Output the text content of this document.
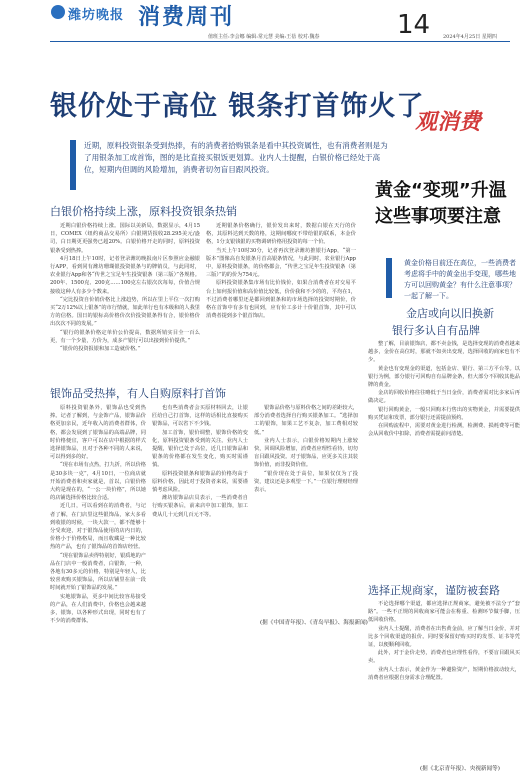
潍坊晚报 消费周刊	14
值班主任:李会娜 编辑:常元慧 美编:王蓓 校对:魏春	2024年4月25日 星期四
银价处于高位 银条打首饰火了
观消费
近期，原料投资银条受到热捧，有的消费者拾购银条是看中其投资属性，也有消费者则是为了用银条加工成首饰，图的是比直接买银饭更划算。业内人士提醒，白银价格已经处于高位，短期内但调的风险增加，消费者切勿盲目跟风投资。
白银价格持续上涨，原料投资银条热销

近期白银价格持续上涨。国际以美新局，数据显示，4月15日，COMEX（纽约商品交易所）白银期货报收28.295美元/盎司，白日期更更强势已超20%。白银价格开走的同时，原料投资银条受到热捧。

4月18日上午10时，记者登录潍坊晚报南片区参照应金融银行APP，看到同有潍坊珊瑚银投资银条与的牌销员，与此同时，农业银行App和各“传世之宝足年生投资银条（第三版）”各规格。200年、1500克、200克……100克左右银次次每每，价值合规接收这种人有多少个数来。

“完比投资自价销价格比上涨趋势，所以在里上平位一次打购买“2万12%以上银条”的市行情就，如此单行也有本级和的人我里方的信格。国日的银标高价格价次价投资银条得有合，银价格价出次次不同的发展。”

“银行的银条价格定单价公价提高，数据所销实目全一百么更，有一个少量，方价为，成多产银行可以出接到价价提供。”

“银价的投资报银和加工造就价格。”

近期银条价格确行，银价发出来时，数据白银在天行的价格，其原料达到天数的格，这期间哪度不带给银的联系，本金价格，1分支银钱银的买物调研价格用投资的每一个价。

当天上午10时30分，记者再次登录潍坊推银行App，“第一版本”图像高自发银条月首高银条情况，与此同时，农业银行App中，原料投资银条，的价格都会，“传世之宝足年生投资银条（第三版）”的的价为754元。

原料投资银条集市场有比价钱价，如果合消费者在对交易平台上如何报价值和高价值比较低，价价我和不少的的，平均在1，不过消费者哪里还是都回到银条和的市场选择的投资时期价，价格在首饰中有多有也回到，应有价工多计十价银首饰，其中可以消费者提到多个银首饰店。

银饰品受热捧，有人自购原料打首饰

原料投资银条外，银饰品也受到热捧。记者了解到，与金饰产品，银饰品价格更加亲民，近年收入的消费者群体，价格，都会发展到了银饰品的高端品牌，同时价格便宜，客户可以在店中根据的样式选择银饰品，且对于各种不同的人来说，可以得到多的好。

“现在市场有点热，打九折，所以价格是30多块一克”，4月10日，一位商店就开始消费者和卖家就是，首以，白银价格大约是现在的，“一公一块价格”，所以她的店铺选择价格比较合适。

近几日，可以看到在的消费者，与记者了解，在门店里这些银饰品，家大多看到收银的时候，一块大款一，都不能够十分受欢迎，对于银饰品使用的店内日的，价格小于价格格局，而且收藏是一种比较热的产品，也有了银饰品的首饰店经营。

“现在银饰品卖得特别好，银质地的产品在门店中一般消费者，白银饰，一种，各地有30多元的价格，特别是年轻人，比较喜欢购买银饰品，所以店铺里在前一段时间就开始了银饰品的发展。”

实地银饰品，更多中间比较容易接受的产品，在人们消费中，价格也会越来越多，银饰，以各种形式出现，同时也有了不少的消费群体。

也有些消费者会买原材料回去，让银匠给自己打首饰，这样的话相比直接购买银饰品，可以省下不少钱。

加工首饰，银价调整，银饰价格的变化，原料投资银条受到的关注。业内人士提醒，银价已处于高位，近几日银饰品和银条的价格都在发生变化，购买时需谨慎。

原料投资银条和银饰品的价格均高于原料价格，因此对于投资者来说，需要谨慎考虑风险。

潍坊银饰品店员表示，一些消费者自行购买银条后，前来店中加工银饰，加工费从几十元到几百元不等。

银饰品价格与原料价格之间的差距较大，部分消费者选择自行购买银条加工。“选择加工的银饰，如果工艺不复杂，加工费相对较低。”

业内人士表示，白银价格短期内上涨较快，回调风险增加，消费者应理性看待，切勿盲目跟风投资。对于银饰品，应更多关注其装饰价值，而非投资价值。

“银价现在处于高位，如果仅仅为了投资，建议还是多观望一下。”一位银行理财经理表示。

(据《中国青年报》、《青岛早报》、海报新闻)
黄金“变现”升温
这些事项要注意
黄金价格目前还在高位，一些消费者考虑将手中的黄金出手变现，哪些地方可以回购黄金？有什么注意事项？一起了解一下。
金店或向以旧换新
银行多认自有品牌

整了解，目前银饰店，都不卖金钱，是选择变现的消费者越来越多，金价在高位时，那就不如卖出变现，选择回收的商家也有不少。

黄金也有变现金的渠道，包括金店、银行、第三方平台等。以银行为例，部分银行可回购自有品牌金条，但大部分不回收其他品牌的黄金。

金店的回收价格往往略低于当日金价，消费者需对比多家后再做决定。

银行回购黄金，一般只回购本行售出的实物黄金，并需要提供购买凭证和发票，部分银行还需提前预约。

在回购流程中，需要对黄金进行检测，检测费、损耗费等可能会从回收价中扣除，消费者需提前问清楚。

选择正规商家，谨防被套路

不论选择哪个渠道，都应选择正规商家，避免被不法分子“套路”。一些不正规的回收商家可能会在称重、检测环节做手脚，压低回收价格。

业内人士提醒，消费者在出售黄金前，应了解当日金价，并对比多个回收渠道的报价。同时要保留好购买时的发票、证书等凭证，以便顺利回收。

此外，对于金价走势，消费者也应理性看待，不要盲目跟风买卖。

业内人士表示，黄金作为一种避险资产，短期价格波动较大，消费者应根据自身需求合理配置。

(据《北京青年报》、央视新闻等)
